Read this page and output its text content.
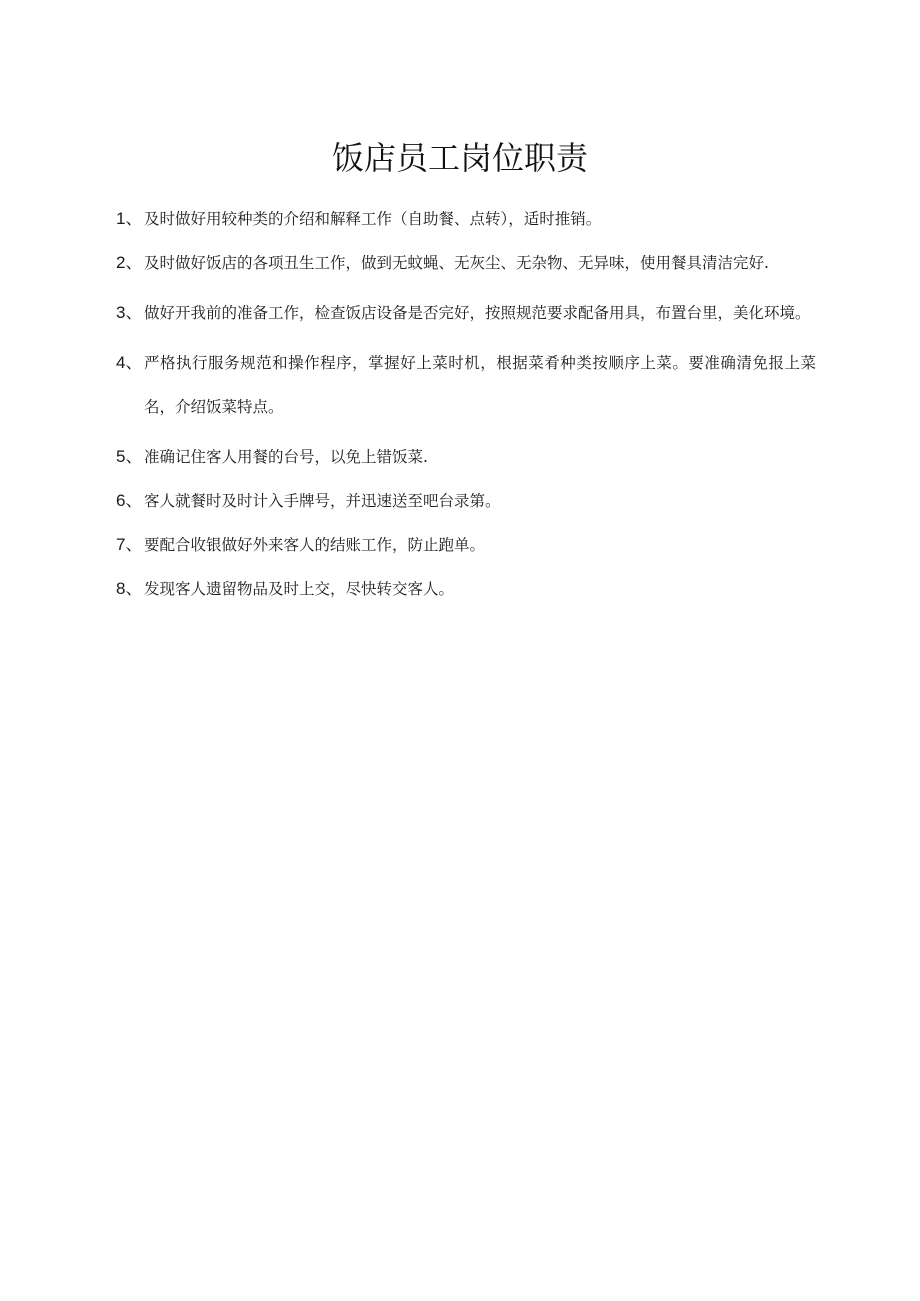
饭店员工岗位职责
1、 及时做好用较种类的介绍和解释工作（自助餐、点转），适时推销。
2、 及时做好饭店的各项丑生工作，做到无蚊蝇、无灰尘、无杂物、无异味，使用餐具清洁完好.
3、 做好开我前的准备工作，检查饭店设备是否完好，按照规范要求配备用具，布置台里，美化环境。
4、 严格执行服务规范和操作程序，掌握好上菜时机，根据菜肴种类按顺序上菜。要准确清免报上菜名，介绍饭菜特点。
5、 准确记住客人用餐的台号，以免上错饭菜.
6、 客人就餐时及时计入手牌号，并迅速送至吧台录第。
7、 要配合收银做好外来客人的结账工作，防止跑单。
8、 发现客人遗留物品及时上交，尽快转交客人。
